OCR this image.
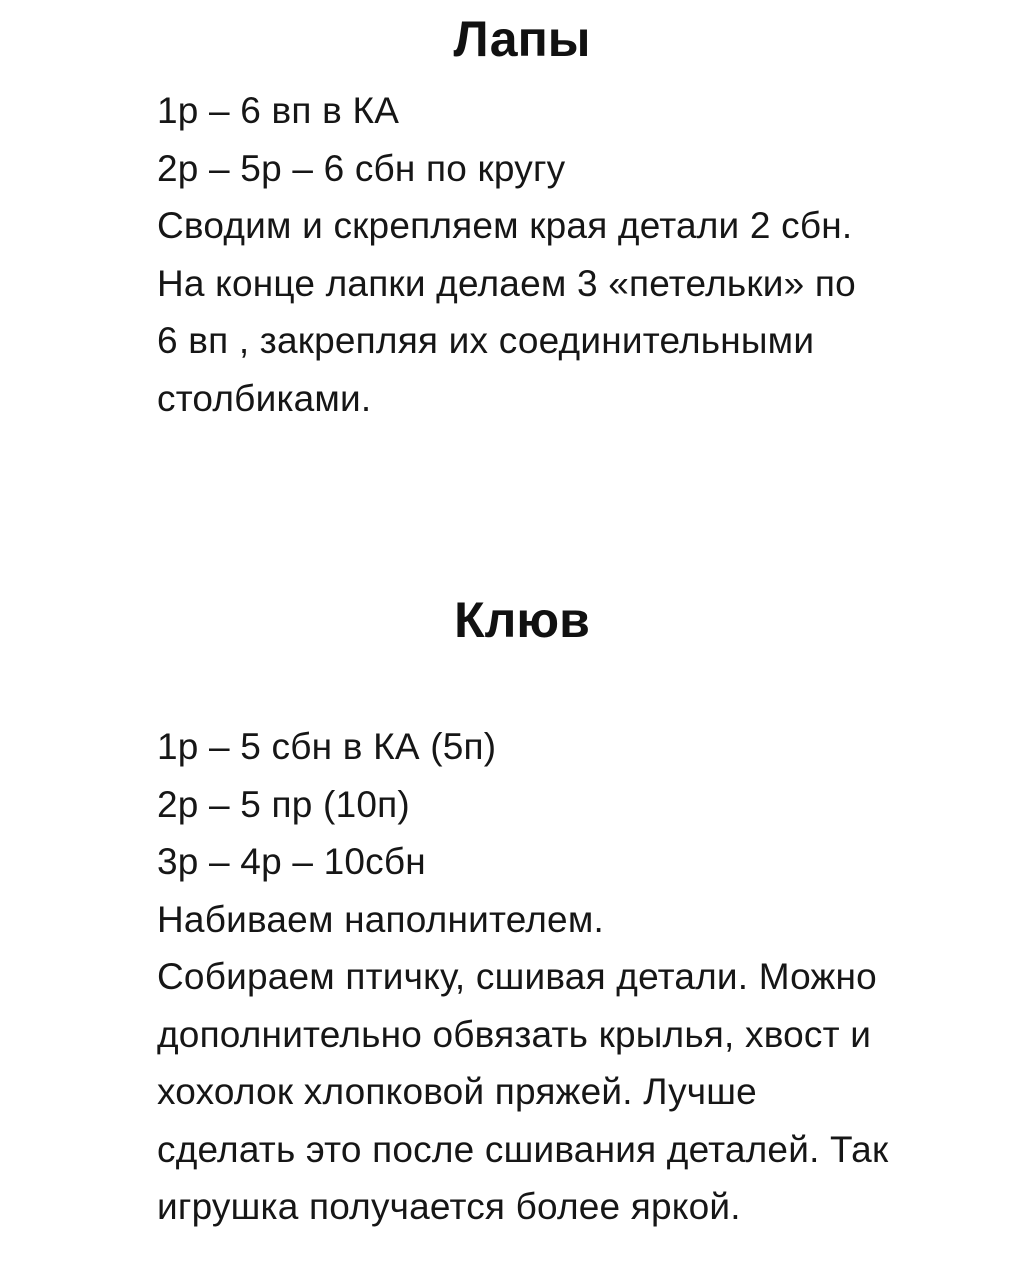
Лапы
1р – 6 вп в КА
2р – 5р – 6 сбн по кругу
Сводим и скрепляем края детали 2 сбн.
На конце лапки делаем 3 «петельки» по
6 вп , закрепляя их соединительными
столбиками.
Клюв
1р – 5 сбн в КА (5п)
2р – 5 пр (10п)
3р – 4р – 10сбн
Набиваем наполнителем.
Собираем птичку, сшивая детали. Можно
дополнительно обвязать крылья, хвост и
хохолок хлопковой пряжей. Лучше
сделать это после сшивания деталей. Так
игрушка получается более яркой.
